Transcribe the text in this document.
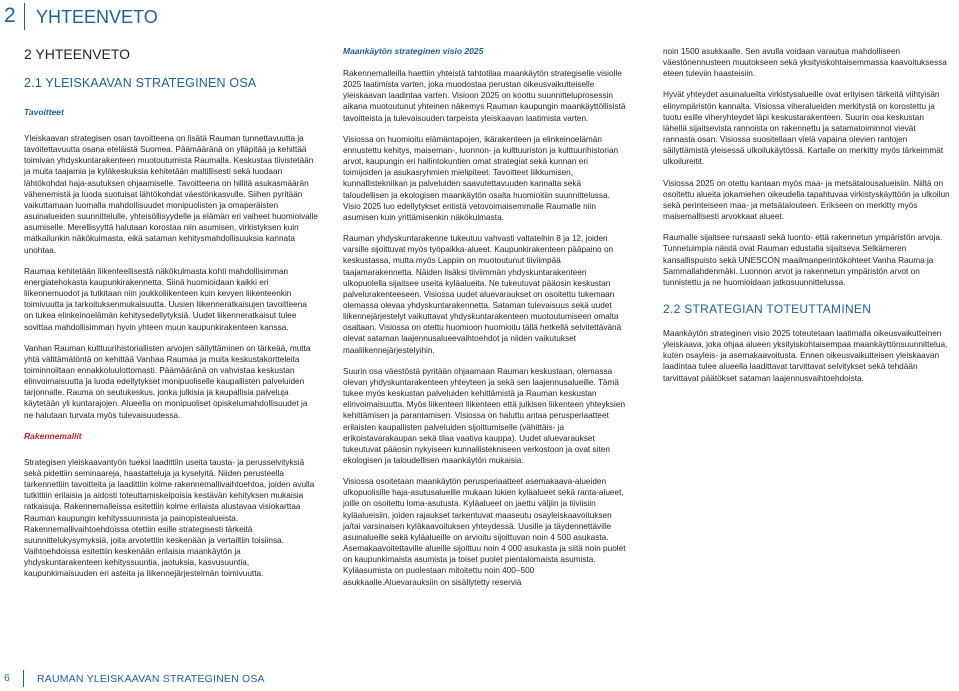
2 YHTEENVETO
2 YHTEENVETO
2.1 YLEISKAAVAN STRATEGINEN OSA
Tavoitteet

Yleiskaavan strategisen osan tavoitteena on lisätä Rauman tunnettavuutta ja tavoitettavuutta osana eteläistä Suomea. Päämääränä on ylläpitää ja kehittää toimivan yhdyskuntarakenteen muotoutumista Raumalla. Keskustaa tiivistetään ja muita taajamia ja kyläkeskuksia kehitetään maltillisesti sekä luodaan lähtökohdat haja-asutuksen ohjaamiselle. Tavoitteena on hillitä asukasmäärän vähenemistä ja luoda suotuisat lähtökohdat väestönkasvulle. Siihen pyritään vaikuttamaan luomalla mahdollisuudet monipuolisten ja omaperäisten asuinalueiden suunnittelulle, yhteisöllisyydelle ja elämän eri vaiheet huomioivalle asumiselle. Merellisyyttä halutaan korostaa niin asumisen, virkistyksen kuin matkailunkin näkökulmasta, eikä sataman kehitysmahdollisuuksia kannata unohtaa.

Raumaa kehitetään liikenteellisestä näkökulmasta kohti mahdollisimman energiatehokasta kaupunkirakennetta. Siinä huomioidaan kaikki eri liikennemuodot ja tutkitaan niin joukkoliikenteen kuin kevyen liikenteenkin toimivuutta ja tarkoituksenmukaisuutta. Uusien liikenneratkaisujen tavoitteena on tukea elinkeinoelämän kehitysedellytyksiä. Uudet liikenneratkaisut tulee sovittaa mahdollisimman hyvin yhteen muun kaupunkirakenteen kanssa.

Vanhan Rauman kulttuurihistoriallisten arvojen säilyttäminen on tärkeää, mutta yhtä välttämätöntä on kehittää Vanhaa Raumaa ja muita keskustakortteleita toiminnoiltaan ennakkoluulottomasti. Päämääränä on vahvistaa keskustan elinvoimaisuutta ja luoda edellytykset monipuoliselle kaupallisten palveluiden tarjonnalle. Rauma on seutukeskus, jonka julkisia ja kaupallisia palveluja käytetään yli kuntarajojen. Alueella on monipuoliset opiskelumahdollisuudet ja ne halutaan turvata myös tulevaisuudessa.

Rakennemallit

Strategisen yleiskaavantyön tueksi laadittiin useita tausta- ja perusselvityksiä sekä pidettiin seminaareja, haastatteluja ja kyselyitä. Niiden perusteella tarkennettiin tavoitteita ja laadittiin kolme rakennemallivaihtoehtoa, joiden avulla tutkittiin erilaisia ja aidosti toteuttamiskelpoisia kestävän kehityksen mukaisia ratkaisuja. Rakennemalleissa esitettiin kolme erilaista alustavaa visiokarttaa Rauman kaupungin kehityssuunnista ja painopistealueista. Rakennemallivaihtoehdoissa otettiin esille strategisesti tärkeitä suunnittelukysymyksiä, joita arvotettiin keskenään ja vertailtiin toisiinsa. Vaihtoehdoissa esitettiin keskenään erilaisia maankäytön ja yhdyskuntarakenteen kehityssuuntia, jaotuksia, kasvusuuntia, kaupunkimaisuuden eri asteita ja liikennejärjestelmän toimivuutta.

Maankäytön strateginen visio 2025

Rakennemalleilla haettiin yhteistä tahtotilaa maankäytön strategiselle visiolle 2025 laatimista varten, joka muodostaa perustan oikeusvaikutteiselle yleiskaavan laadintaa varten. Visioon 2025 on koottu suunnitteluprosessin aikana muotoutunut yhteinen näkemys Rauman kaupungin maankäyttöllisistä tavoitteista ja tulevaisuuden tarpeista yleiskaavan laatimista varten.

Visiossa on huomioitu elämäntapojen, ikärakenteen ja elinkeinoelämän ennustettu kehitys, maiseman-, luonnon- ja kulttuuriston ja kulttuurihistorian arvot, kaupungin eri hallintokuntien omat strategiat sekä kunnan eri toimijoiden ja asukasryhmien mielipiteet. Tavoitteet liikkumisen, kunnallistekniikan ja palveluiden saavutettavuuden kannalta sekä taloudellisen ja ekologisen maankäytön osalta huomioitiin suunnittelussa. Visio 2025 luo edellytykset entistä vetovoimaisemmalle Raumalle niin asumisen kuin yrittämisenkin näkökulmasta.

Rauman yhdyskuntarakenne tukeutuu vahvasti valtateihin 8 ja 12, joiden varsille sijoittuvat myös työpaikka-alueet. Kaupunkirakenteen pääpaino on keskustassa, mutta myös Lappiin on muotoutunut tiiviimpää taajamarakennetta. Näiden lisäksi tiiviimmän yhdyskuntarakenteen ulkopuolella sijaitsee useita kyläalueita. Ne tukeutuvat pääosin keskustan palvelurakenteeseen. Visiossa uudet aluevaraukset on osoitettu tukemaan olemassa olevaa yhdyskuntarakennetta. Sataman tulevaisuus sekä uudet liikennejärjestelyt vaikuttavat yhdyskuntarakenteen muotoutumiseen omalta osaltaan. Visiossa on otettu huomioon huomioitu tällä hetkellä selvitettävänä olevat sataman laajennusalueevaihtoehdot ja niiden vaikutukset maaliikennejärjestelyihin.

Suurin osa väestöstä pyritään ohjaamaan Rauman keskustaan, olemassa olevan yhdyskuntarakenteen yhteyteen ja sekä sen laajennusalueille. Tämä tukee myös keskustan palveluiden kehittämistä ja Rauman keskustan elinvoimaisuutta. Myös liikenteen liikenteen että julkisen liikenteen yhteyksien kehittämisen ja parantamisen. Visiossa on haluttu antaa perusperiaatteet erilaisten kaupallisten palveluiden sijoittumiselle (vähittäis- ja erikoistavarakaupan sekä tilaa vaativa kauppa). Uudet aluevaraukset tukeutuvat pääosin nykyiseen kunnallistekniseen verkostoon ja ovat siten ekologisen ja taloudellisen maankäytön mukaisia.

Visiossa osoitetaan maankäytön perusperiaatteet asemakaava-alueiden ulkopuolisille haja-asutusalueille mukaan lukien kyläalueet sekä ranta-alueet, joille on osoitettu loma-asutusta. Kyläalueet on jaettu väljiin ja tiiviisiin kyläalueisiin, joiden rajaukset tarkentuvat maaseutu osayleiskaavoituksen ja/tai varsinaisen kyläkaavoituksen yhteydessä. Uusille ja täydennettäville asuinalueille sekä kyläalueille on arvioitu sijoittuvan noin 4 500 asukasta. Asemakaavoitettaville alueille sijoittuu noin 4 000 asukasta ja siitä noin puolet on kaupunkimaista asumista ja toiset puolet pientalomaista asumista. Kyläasumista on puolestaan mitoitettu noin 400–500 asukkaalle.Aluevarauksiin on sisällytetty reserviä

noin 1500 asukkaalle. Sen avulla voidaan varautua mahdolliseen väestönennusteen muutokseen sekä yksityiskohtaisemmassa kaavoituksessa eteen tuleviin haasteisiin.

Hyvät yhteydet asuinalueilta virkistysalueille ovat erityisen tärkeitä viihtyisän elinympäristön kannalta. Visiossa viheralueiden merkitystä on korostettu ja tuotu esille viheryhteydet läpi keskustarakenteen. Suurin osa keskustan lähellä sijaitsevista rannoista on rakennettu ja satamatoiminnot vievät rannasta osan. Visiossa suositellaan vielä vapaina olevien rantojen säilyttämistä yleisessä ulkoilukäytössä. Kartalle on merkitty myös tärkeimmät ulkoilureitit.

Visiossa 2025 on otettu kantaan myös maa- ja metsätalousalueisiin. Niiltä on osoitettu alueita jokamiehen oikeudella tapahtuvaa virkistyskäyttöön ja ulkoilun sekä perinteiseen maa- ja metsätalouteen. Erikseen on merkitty myös maisemallisesti arvokkaat alueet.

Raumalle sijaitsee runsaasti sekä luonto- että rakennetun ympäristön arvoja. Tunnetuimpia näistä ovat Rauman edustalla sijaitseva Selkämeren kansallispuisto sekä UNESCON maailmanperintökohteet Vanha Rauma ja Sammallahdenmäki. Luonnon arvot ja rakennetun ympäristön arvot on tunnistettu ja ne huomioidaan jatkosuunnittelussa.

2.2 STRATEGIAN TOTEUTTAMINEN

Maankäytön strateginen visio 2025 toteutetaan laatimalla oikeusvaikutteinen yleiskaava, joka ohjaa alueen yksityiskohtaisempaa maankäyttönsuunnittelua, kuten osayleis- ja asemakaavoitusta. Ennen oikeusvaikutteisen yleiskaavan laadintaa tulee alueella laadittavat tarvittavat selvitykset sekä tehdään tarvittavat päätökset sataman laajennusvaihtoehdoista.

6	RAUMAN YLEISKAAVAN STRATEGINEN OSA
